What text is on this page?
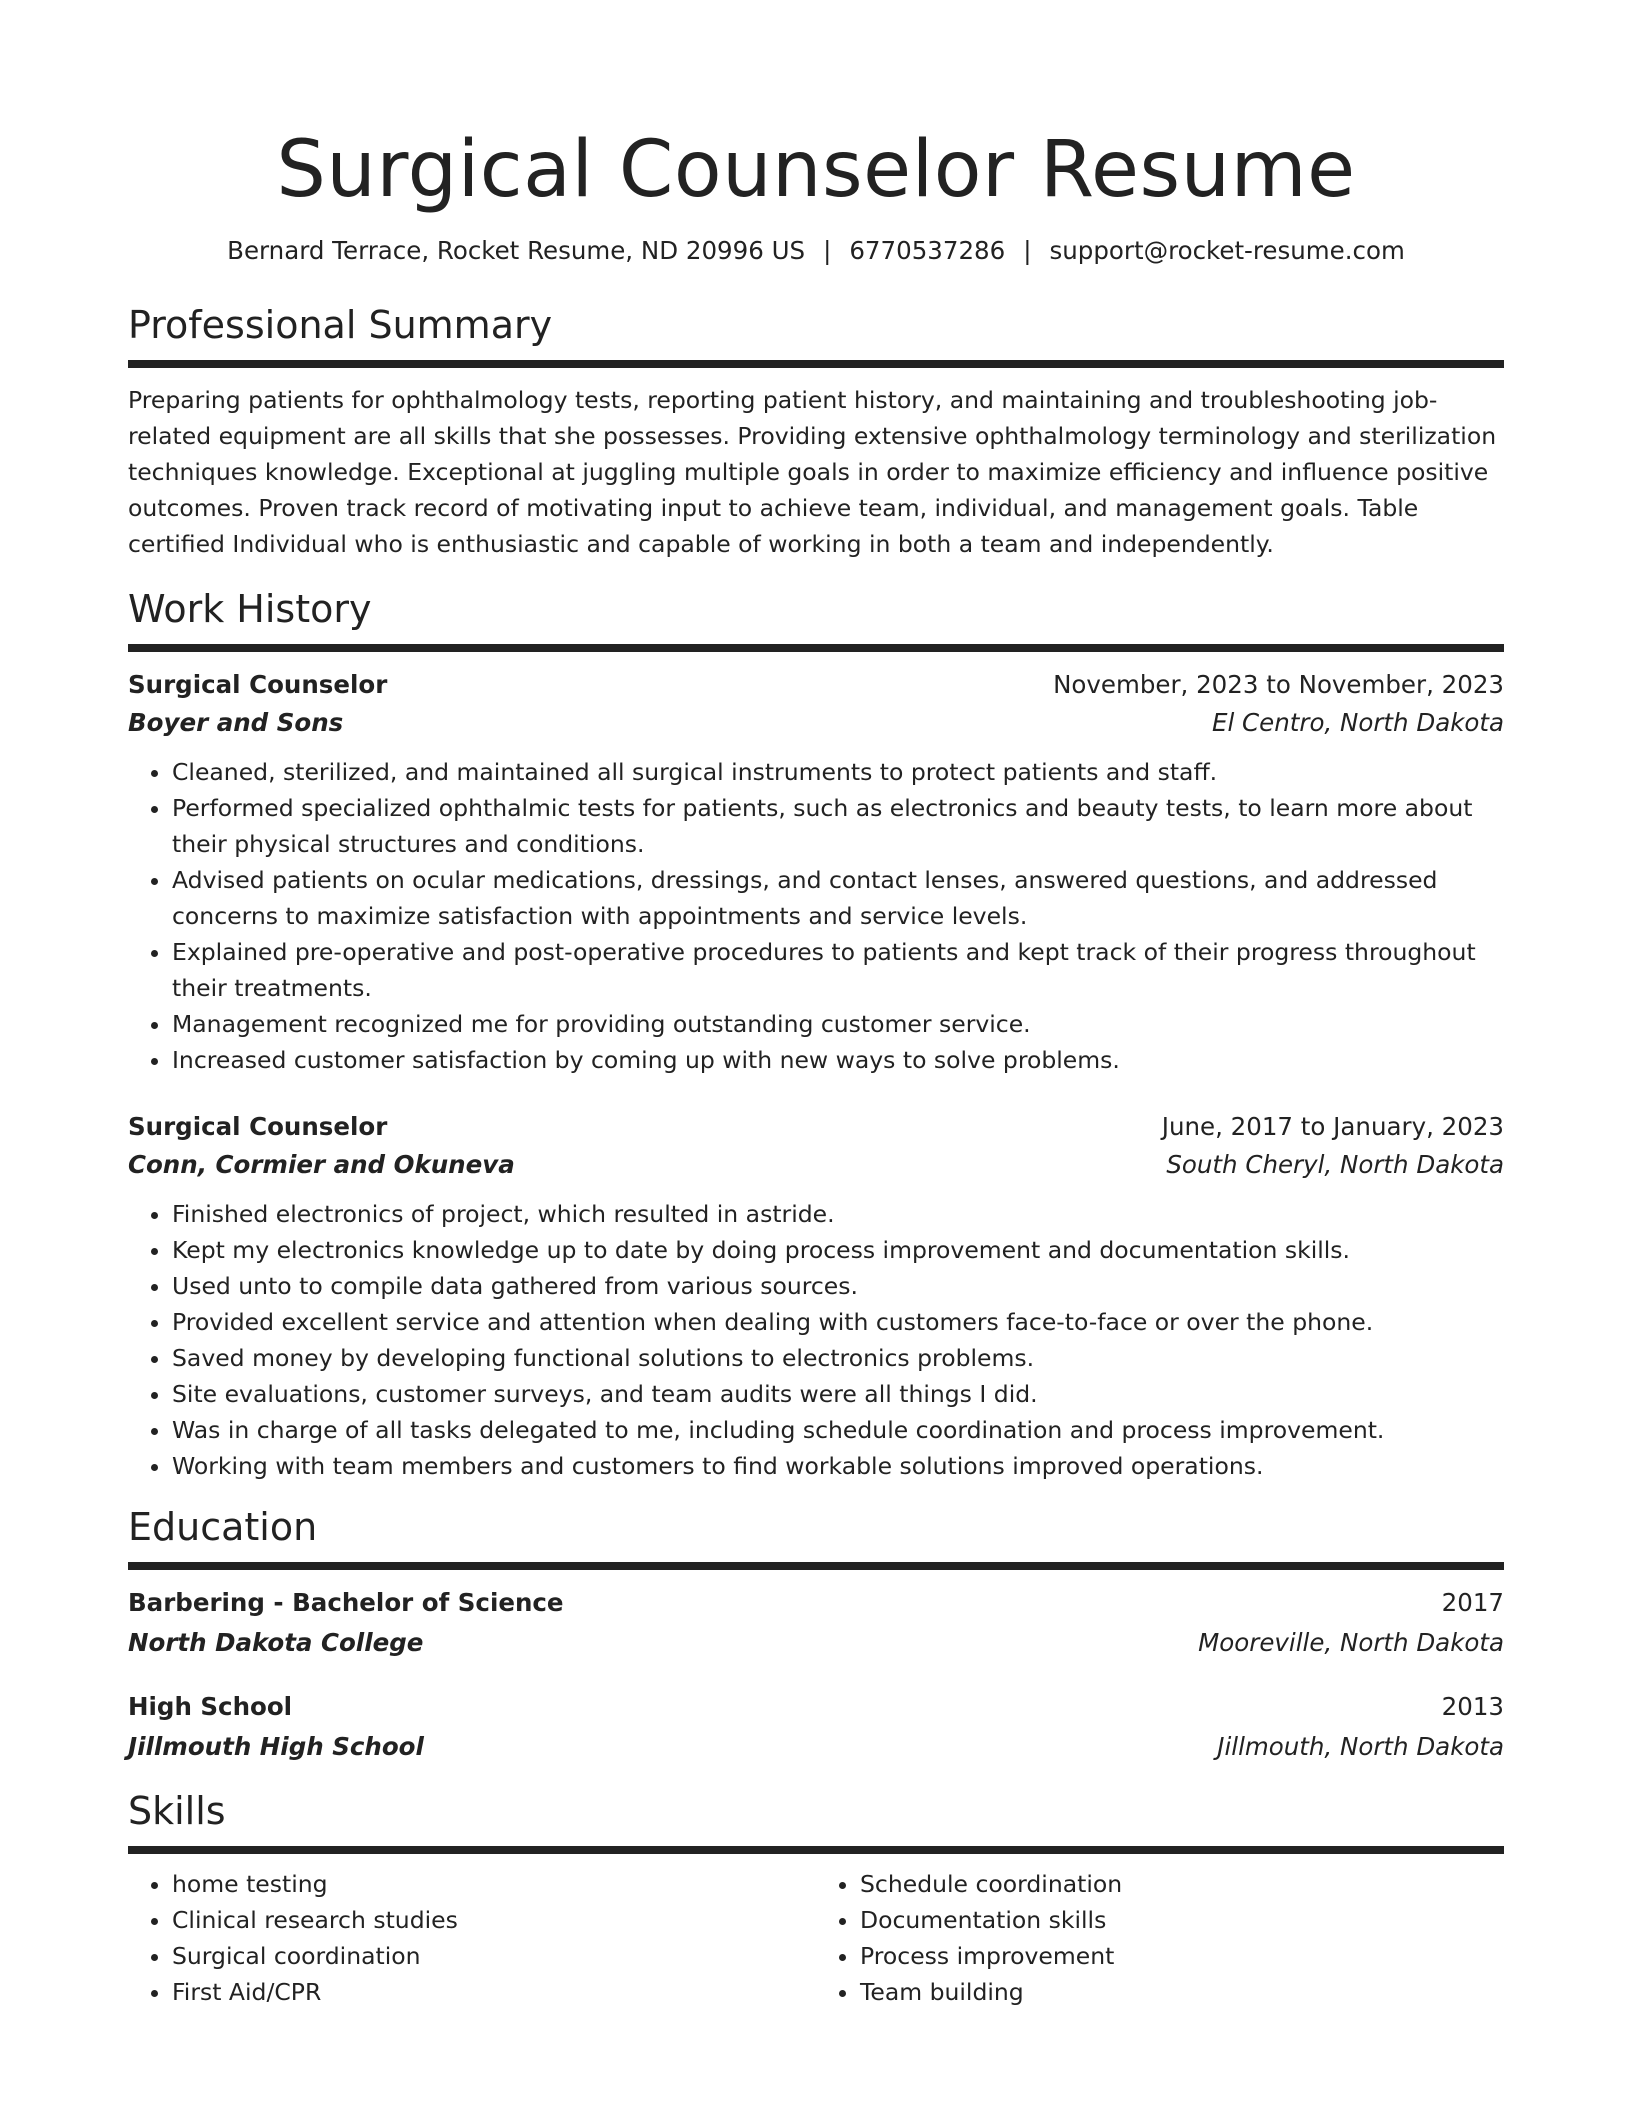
Surgical Counselor Resume
Bernard Terrace, Rocket Resume, ND 20996 US | 6770537286 | support@rocket-resume.com
Professional Summary

Preparing patients for ophthalmology tests, reporting patient history, and maintaining and troubleshooting job-related equipment are all skills that she possesses. Providing extensive ophthalmology terminology and sterilization techniques knowledge. Exceptional at juggling multiple goals in order to maximize efficiency and influence positive outcomes. Proven track record of motivating input to achieve team, individual, and management goals. Table certified Individual who is enthusiastic and capable of working in both a team and independently.

Work History
Surgical Counselor	November, 2023 to November, 2023
Boyer and Sons	El Centro, North Dakota
• Cleaned, sterilized, and maintained all surgical instruments to protect patients and staff.
• Performed specialized ophthalmic tests for patients, such as electronics and beauty tests, to learn more about their physical structures and conditions.
• Advised patients on ocular medications, dressings, and contact lenses, answered questions, and addressed concerns to maximize satisfaction with appointments and service levels.
• Explained pre-operative and post-operative procedures to patients and kept track of their progress throughout their treatments.
• Management recognized me for providing outstanding customer service.
• Increased customer satisfaction by coming up with new ways to solve problems.
Surgical Counselor	June, 2017 to January, 2023
Conn, Cormier and Okuneva	South Cheryl, North Dakota
• Finished electronics of project, which resulted in astride.
• Kept my electronics knowledge up to date by doing process improvement and documentation skills.
• Used unto to compile data gathered from various sources.
• Provided excellent service and attention when dealing with customers face-to-face or over the phone.
• Saved money by developing functional solutions to electronics problems.
• Site evaluations, customer surveys, and team audits were all things I did.
• Was in charge of all tasks delegated to me, including schedule coordination and process improvement.
• Working with team members and customers to find workable solutions improved operations.
Education
Barbering - Bachelor of Science	2017
North Dakota College	Mooreville, North Dakota
High School	2013
Jillmouth High School	Jillmouth, North Dakota
Skills
• home testing
• Clinical research studies
• Surgical coordination
• First Aid/CPR
• Schedule coordination
• Documentation skills
• Process improvement
• Team building
